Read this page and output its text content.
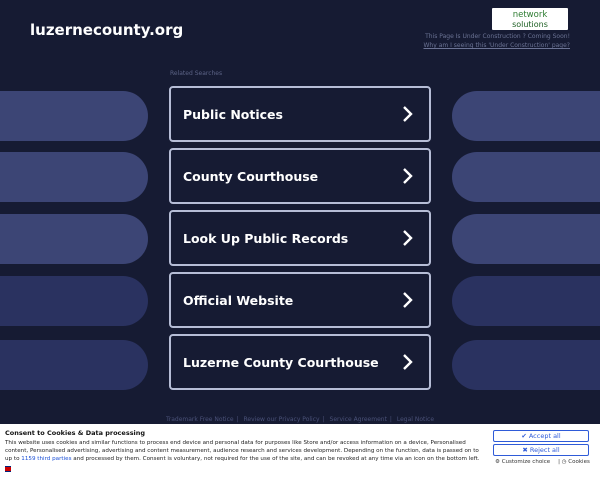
luzernecounty.org
network
solutions
This Page Is Under Construction ? Coming Soon!
Why am I seeing this 'Under Construction' page?
Related Searches
Public Notices
County Courthouse
Look Up Public Records
Official Website
Luzerne County Courthouse
Trademark Free Notice | Review our Privacy Policy | Service Agreement | Legal Notice
Consent to Cookies & Data processing
This website uses cookies and similar functions to process end device and personal data for purposes like Store and/or access information on a device, Personalised content, Personalised advertising, advertising and content measurement, audience research and services development. Depending on the function, data is passed on to up to 1159 third parties and processed by them. Consent is voluntary, not required for the use of the site, and can be revoked at any time via an icon on the bottom left.
✔ Accept all
✖ Reject all
⚙ Customize choice | ◷ Cookies
